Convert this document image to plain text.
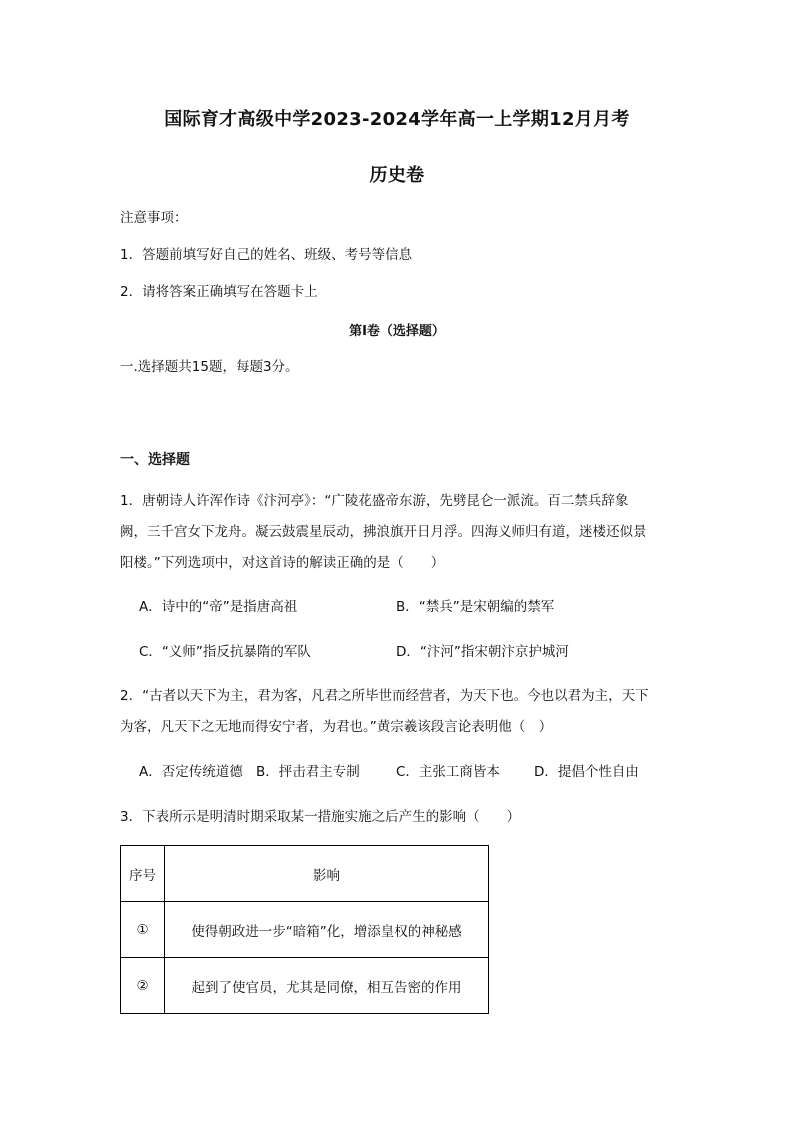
国际育才高级中学2023-2024学年高一上学期12月月考
历史卷
注意事项：
1．答题前填写好自己的姓名、班级、考号等信息
2．请将答案正确填写在答题卡上
第I卷（选择题）
一.选择题共15题，每题3分。
一、选择题
1．唐朝诗人许浑作诗《汴河亭》：“广陵花盛帝东游，先劈昆仑一派流。百二禁兵辞象
阙，三千宫女下龙舟。凝云鼓震星辰动，拂浪旗开日月浮。四海义师归有道，迷楼还似景
阳楼。”下列选项中，对这首诗的解读正确的是（　　）
A．诗中的“帝”是指唐高祖	B．“禁兵”是宋朝编的禁军
C．“义师”指反抗暴隋的军队	D．“汴河”指宋朝汴京护城河
2．“古者以天下为主，君为客，凡君之所毕世而经营者，为天下也。今也以君为主，天下
为客，凡天下之无地而得安宁者，为君也。”黄宗羲该段言论表明他（　）
A．否定传统道德 B．抨击君主专制	C．主张工商皆本	D．提倡个性自由
3．下表所示是明清时期采取某一措施实施之后产生的影响（　　）
序号	影响
①	使得朝政进一步“暗箱”化，增添皇权的神秘感
②	起到了使官员，尤其是同僚，相互告密的作用
